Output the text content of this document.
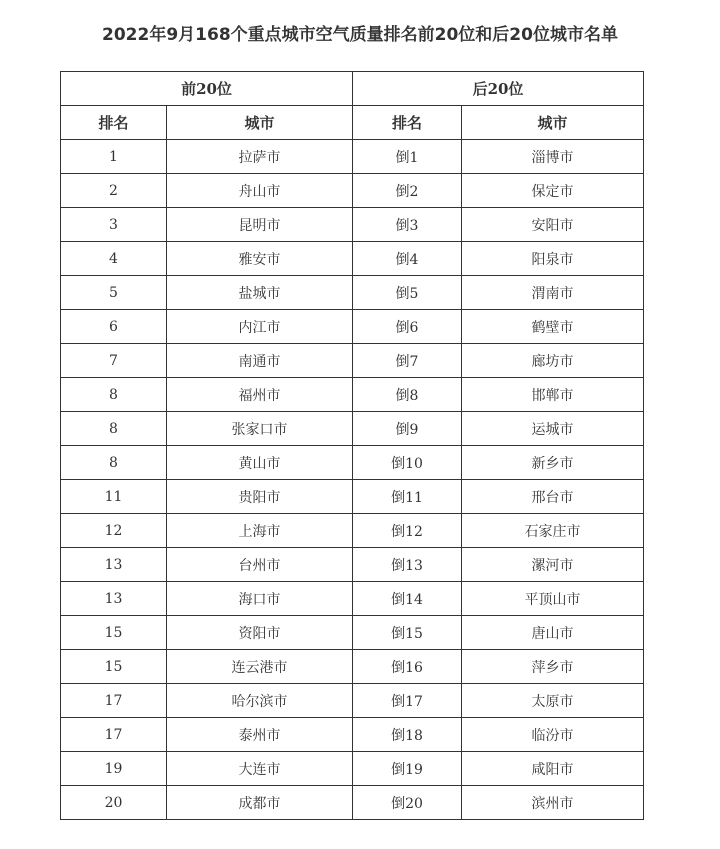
2022年9月168个重点城市空气质量排名前20位和后20位城市名单
前20位		后20位	
排名	城市	排名	城市
1	拉萨市	倒1	淄博市
2	舟山市	倒2	保定市
3	昆明市	倒3	安阳市
4	雅安市	倒4	阳泉市
5	盐城市	倒5	渭南市
6	内江市	倒6	鹤壁市
7	南通市	倒7	廊坊市
8	福州市	倒8	邯郸市
8	张家口市	倒9	运城市
8	黄山市	倒10	新乡市
11	贵阳市	倒11	邢台市
12	上海市	倒12	石家庄市
13	台州市	倒13	漯河市
13	海口市	倒14	平顶山市
15	资阳市	倒15	唐山市
15	连云港市	倒16	萍乡市
17	哈尔滨市	倒17	太原市
17	泰州市	倒18	临汾市
19	大连市	倒19	咸阳市
20	成都市	倒20	滨州市
